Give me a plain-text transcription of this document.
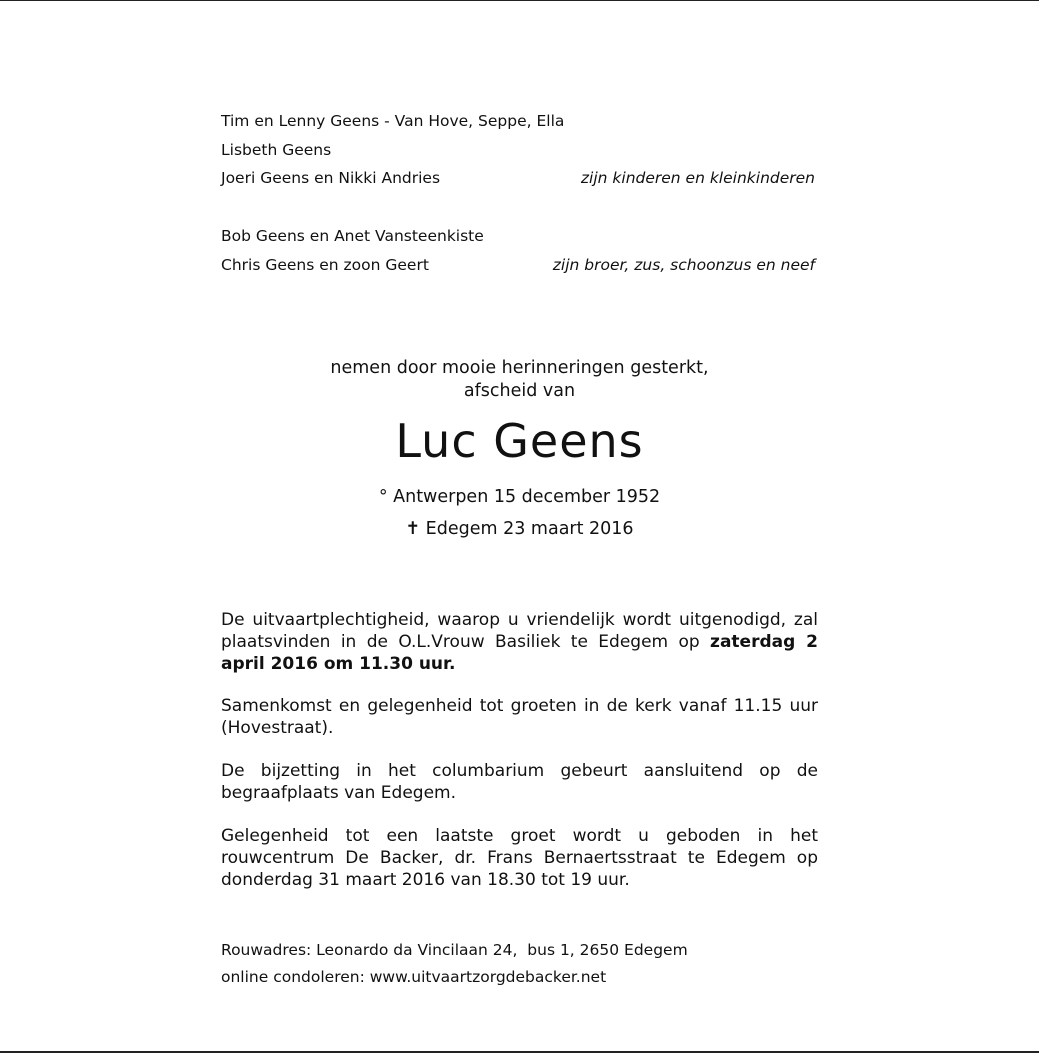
Tim en Lenny Geens - Van Hove, Seppe, Ella
Lisbeth Geens
Joeri Geens en Nikki Andries	zijn kinderen en kleinkinderen
Bob Geens en Anet Vansteenkiste
Chris Geens en zoon Geert	zijn broer, zus, schoonzus en neef
nemen door mooie herinneringen gesterkt,
afscheid van
Luc Geens
° Antwerpen 15 december 1952
✝ Edegem 23 maart 2016

De uitvaartplechtigheid, waarop u vriendelijk wordt uitgenodigd, zal plaatsvinden in de O.L.Vrouw Basiliek te Edegem op zaterdag 2 april 2016 om 11.30 uur.

Samenkomst en gelegenheid tot groeten in de kerk vanaf 11.15 uur (Hovestraat).

De bijzetting in het columbarium gebeurt aansluitend op de begraafplaats van Edegem.

Gelegenheid tot een laatste groet wordt u geboden in het rouwcentrum De Backer, dr. Frans Bernaertsstraat te Edegem op donderdag 31 maart 2016 van 18.30 tot 19 uur.

Rouwadres: Leonardo da Vincilaan 24,  bus 1, 2650 Edegem
online condoleren: www.uitvaartzorgdebacker.net
